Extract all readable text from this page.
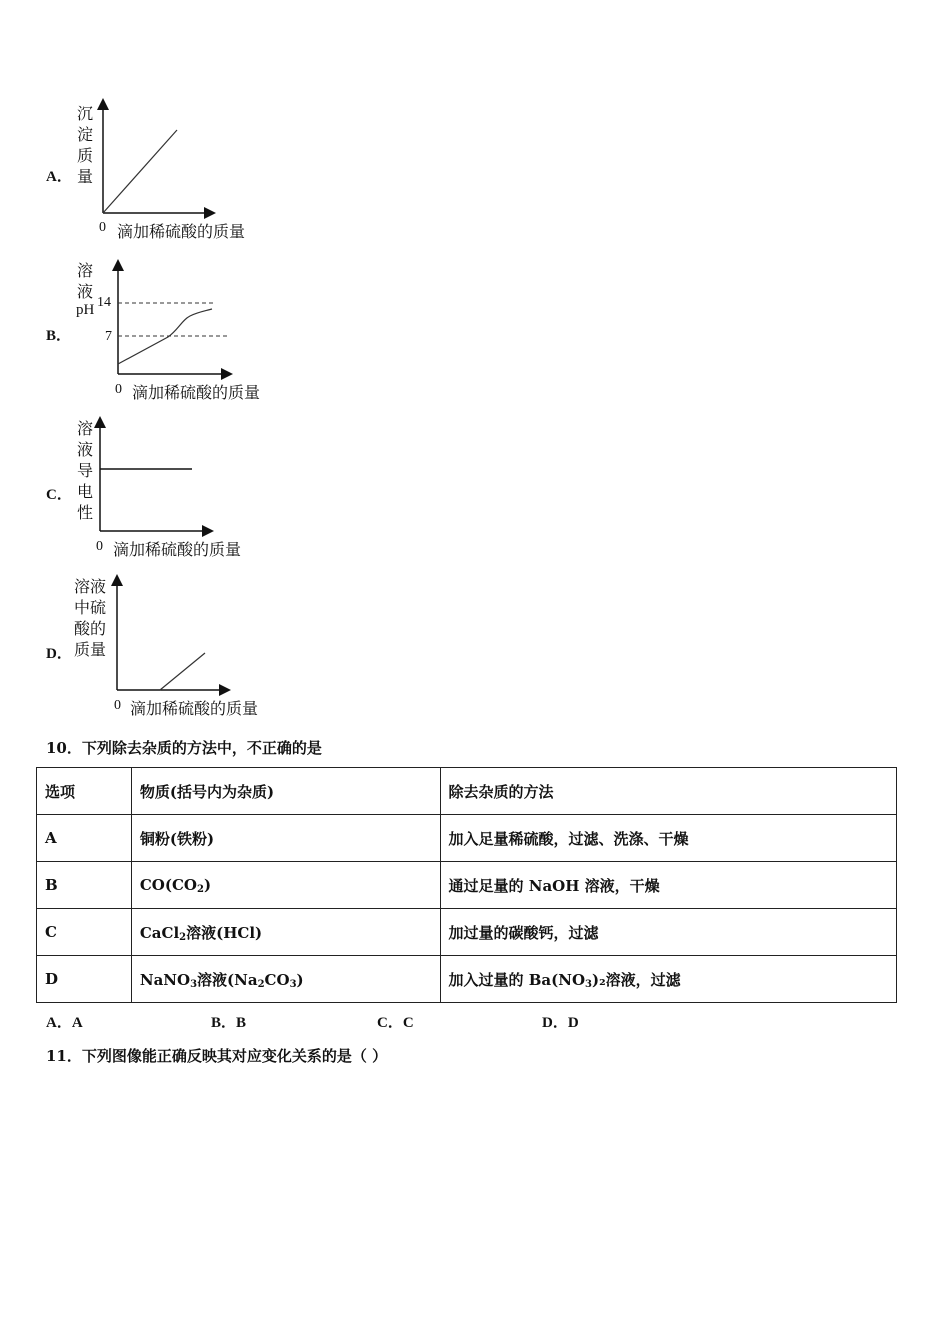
A．
沉
淀
质
量
0 滴加稀硫酸的质量
B．
溶
液
pH 14
7
0 滴加稀硫酸的质量
C．
溶
液
导
电
性
0 滴加稀硫酸的质量
D．
溶液
中硫
酸的
质量
0 滴加稀硫酸的质量
10．下列除去杂质的方法中，不正确的是
选项	物质(括号内为杂质)	除去杂质的方法
A	铜粉(铁粉)	加入足量稀硫酸，过滤、洗涤、干燥
B	$CO(CO_2)$	通过足量的 NaOH 溶液，干燥
C	CaCl$_2$溶液(HCl)	加过量的碳酸钙，过滤
D	NaNO$_3$溶液$(Na_2CO_3)$	加入过量的 $Ba(NO_3)_2$溶液，过滤
A．A	B．B	C．C	D．D
11．下列图像能正确反映其对应变化关系的是（ ）
